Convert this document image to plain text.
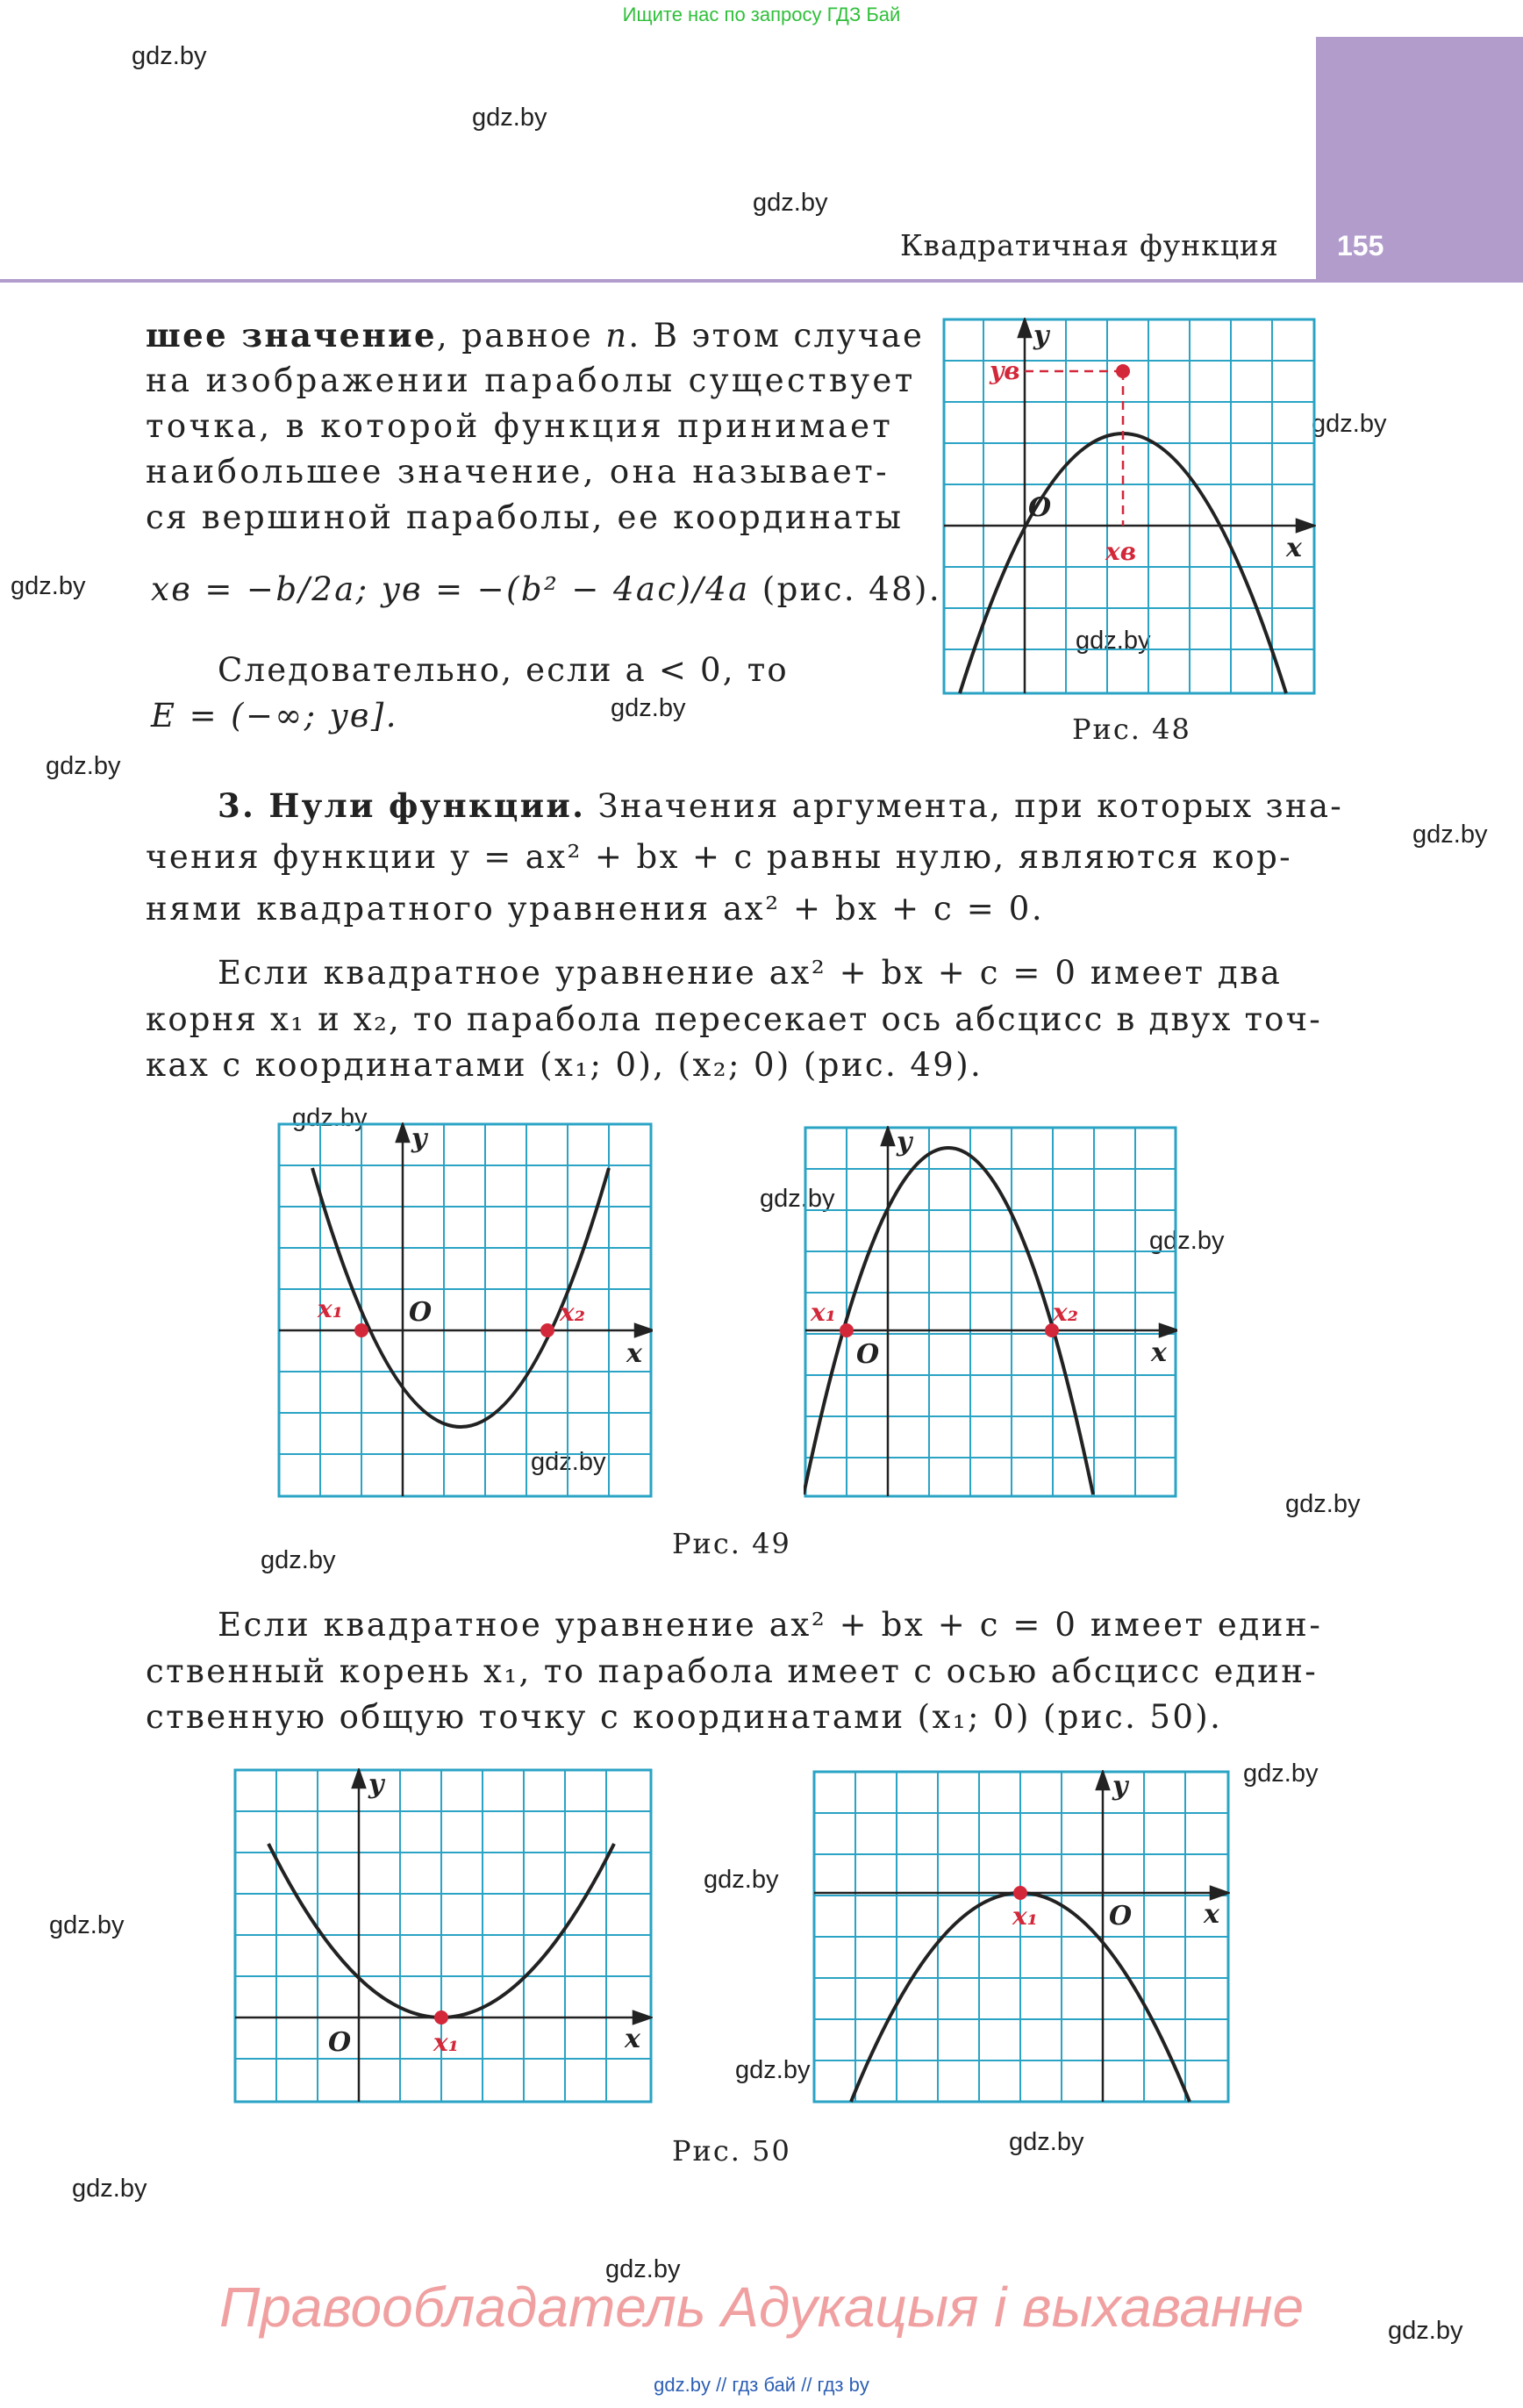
Ищите нас по запросу ГДЗ Бай
gdz.by
gdz.by
gdz.by
gdz.by
gdz.by
gdz.by
gdz.by
gdz.by
gdz.by
gdz.by
gdz.by
gdz.by
gdz.by
gdz.by
gdz.by
gdz.by
gdz.by
gdz.by
gdz.by
gdz.by
gdz.by
gdz.by
gdz.by
155
Квадратичная функция
шее значение, равное n. В этом случае
на изображении параболы существует
точка, в которой функция принимает
наибольшее значение, она называет-
ся вершиной параболы, ее координаты
xв = −b/2a; yв = −(b² − 4ac)/4a (рис. 48).
Следовательно, если a < 0, то
E = (−∞; yв].
y
x
O
xв
yв
Рис. 48
3. Нули функции. Значения аргумента, при которых зна-
чения функции y = ax² + bx + c равны нулю, являются кор-
нями квадратного уравнения ax² + bx + c = 0.
Если квадратное уравнение ax² + bx + c = 0 имеет два
корня x₁ и x₂, то парабола пересекает ось абсцисс в двух точ-
ках с координатами (x₁; 0), (x₂; 0) (рис. 49).
y
x
O
x₁	x₂
y
x
O
x₁	x₂
Рис. 49
Если квадратное уравнение ax² + bx + c = 0 имеет един-
ственный корень x₁, то парабола имеет с осью абсцисс един-
ственную общую точку с координатами (x₁; 0) (рис. 50).
y
x
O	x₁
y
x
O
x₁
Рис. 50
Правообладатель Адукацыя і выхаванне
gdz.by // гдз бай // гдз by
